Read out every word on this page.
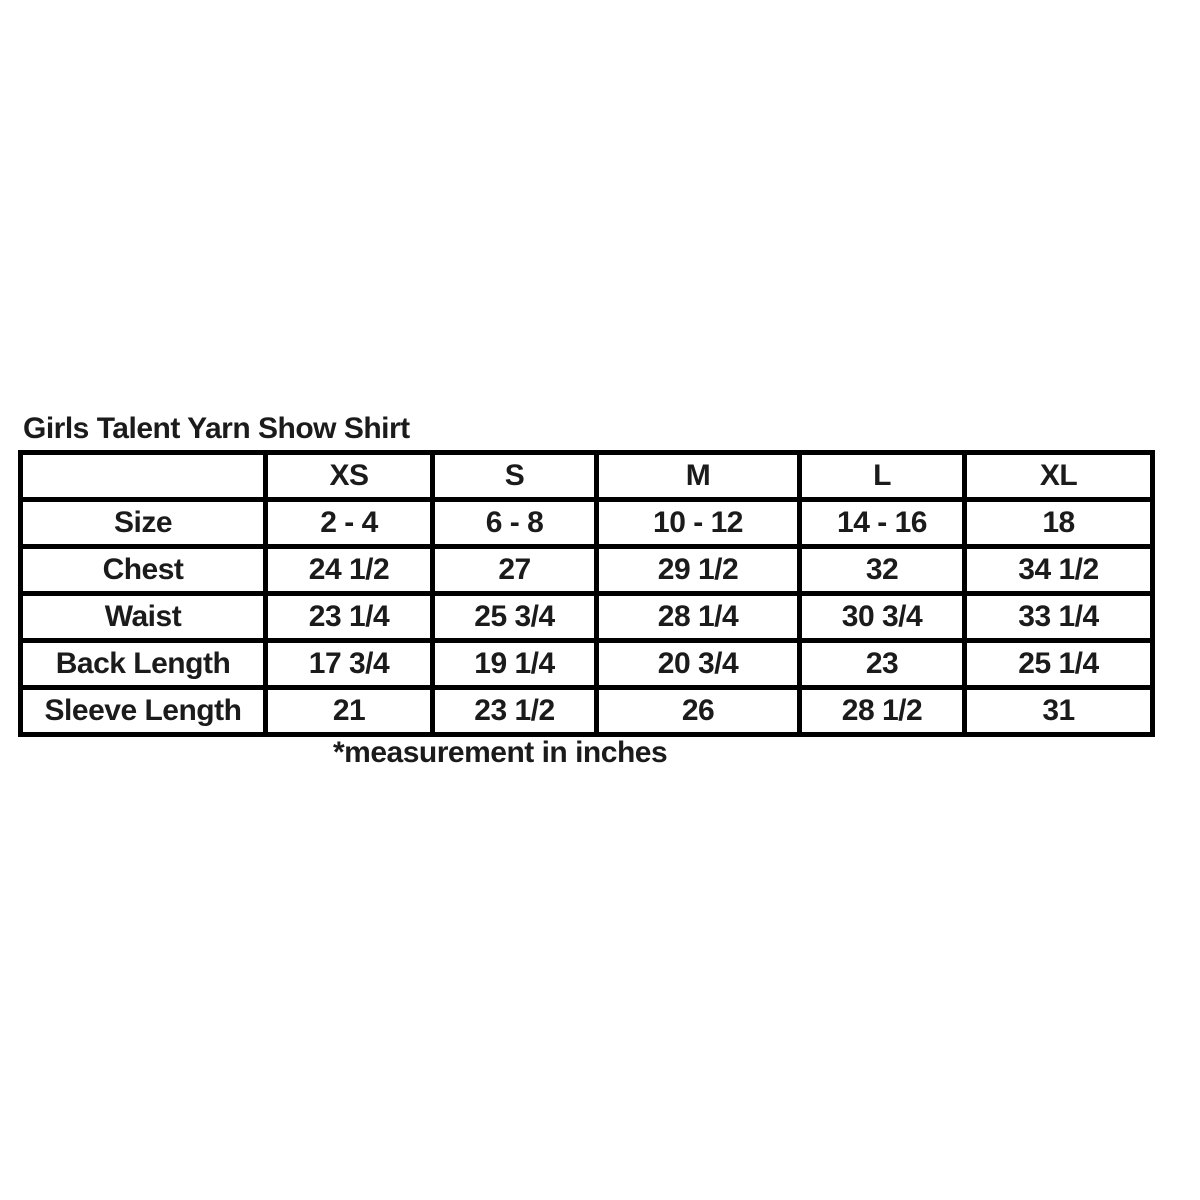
Girls Talent Yarn Show Shirt
	XS	S	M	L	XL
Size	2 - 4	6 - 8	10 - 12	14 - 16	18
Chest	24 1/2	27	29 1/2	32	34 1/2
Waist	23 1/4	25 3/4	28 1/4	30 3/4	33 1/4
Back Length	17 3/4	19 1/4	20 3/4	23	25 1/4
Sleeve Length	21	23 1/2	26	28 1/2	31
*measurement in inches
